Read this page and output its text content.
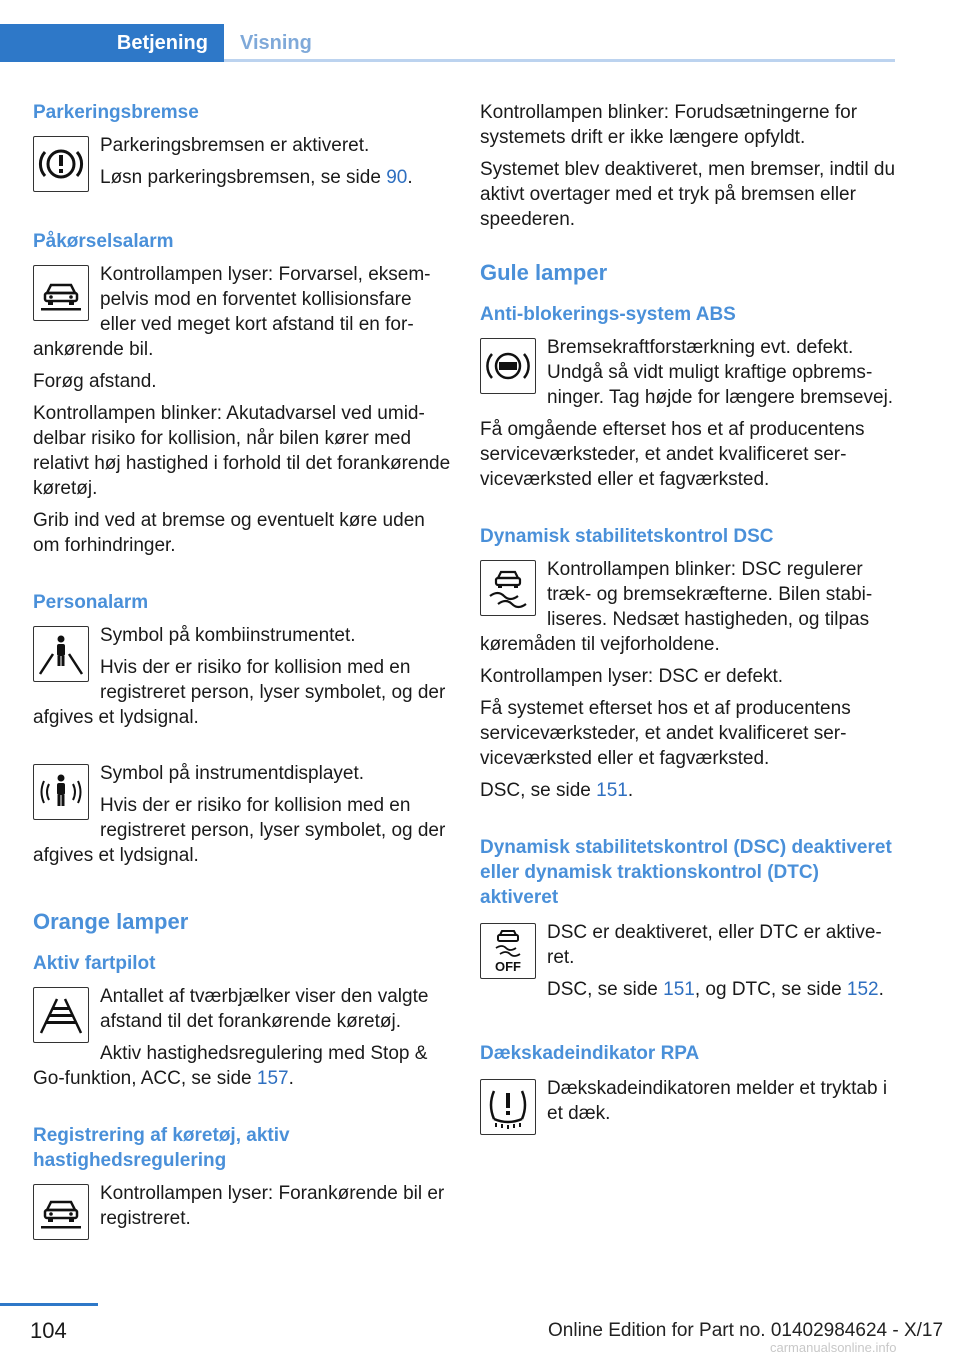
Betjening	Visning
Parkeringsbremse
Parkeringsbremsen er aktiveret.
Løsn parkeringsbremsen, se side 90.
Påkørselsalarm
Kontrollampen lyser: Forvarsel, eksempelvis mod en forventet kollisionsfare eller ved meget kort afstand til en forankørende bil.
Forøg afstand.
Kontrollampen blinker: Akutadvarsel ved umiddelbar risiko for kollision, når bilen kører med relativt høj hastighed i forhold til det forankørende køretøj.
Grib ind ved at bremse og eventuelt køre uden om forhindringer.
Personalarm
Symbol på kombiinstrumentet.
Hvis der er risiko for kollision med en registreret person, lyser symbolet, og der afgives et lydsignal.
Symbol på instrumentdisplayet.
Hvis der er risiko for kollision med en registreret person, lyser symbolet, og der afgives et lydsignal.
Orange lamper
Aktiv fartpilot
Antallet af tværbjælker viser den valgte afstand til det forankørende køretøj.
Aktiv hastighedsregulering med Stop & Go-funktion, ACC, se side 157.
Registrering af køretøj, aktiv hastighedsregulering
Kontrollampen lyser: Forankørende bil er registreret.
Kontrollampen blinker: Forudsætningerne for systemets drift er ikke længere opfyldt.
Systemet blev deaktiveret, men bremser, indtil du aktivt overtager med et tryk på bremsen eller speederen.
Gule lamper
Anti-blokerings-system ABS
Bremsekraftforstærkning evt. defekt. Undgå så vidt muligt kraftige opbremsninger. Tag højde for længere bremsevej.
Få omgående efterset hos et af producentens serviceværksteder, et andet kvalificeret serviceværksted eller et fagværksted.
Dynamisk stabilitetskontrol DSC
Kontrollampen blinker: DSC regulerer træk- og bremsekræfterne. Bilen stabiliseres. Nedsæt hastigheden, og tilpas køremåden til vejforholdene.
Kontrollampen lyser: DSC er defekt.
Få systemet efterset hos et af producentens serviceværksteder, et andet kvalificeret serviceværksted eller et fagværksted.
DSC, se side 151.
Dynamisk stabilitetskontrol (DSC) deaktiveret eller dynamisk traktionskontrol (DTC) aktiveret
OFF
DSC er deaktiveret, eller DTC er aktiveret.
DSC, se side 151, og DTC, se side 152.
Dækskadeindikator RPA
Dækskadeindikatoren melder et tryktab i et dæk.
104	Online Edition for Part no. 01402984624 - X/17
carmanualsonline.info
